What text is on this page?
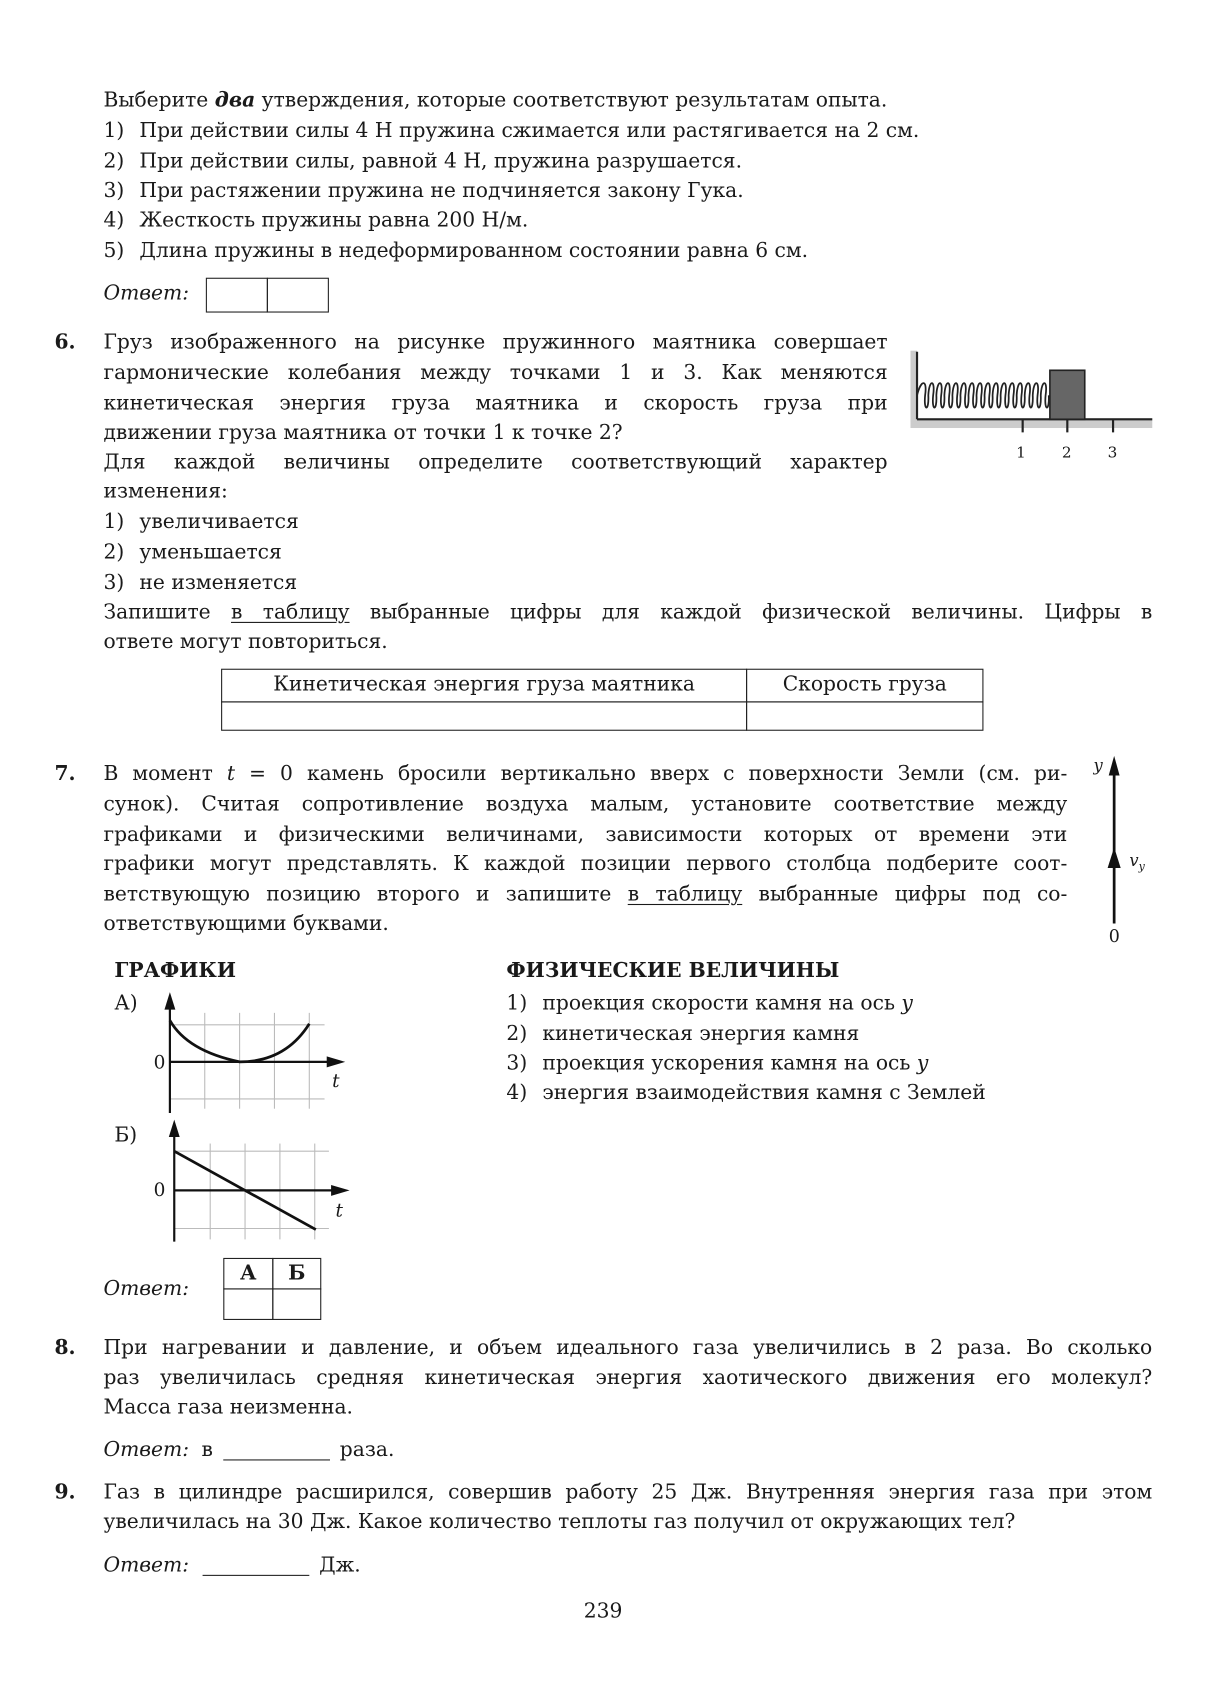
Выберите два утверждения, которые соответствуют результатам опыта.
1) При действии силы 4 Н пружина сжимается или растягивается на 2 см.
2) При действии силы, равной 4 Н, пружина разрушается.
3) При растяжении пружина не подчиняется закону Гука.
4) Жесткость пружины равна 200 Н/м.
5) Длина пружины в недеформированном состоянии равна 6 см.
Ответ:
6. Груз изображенного на рисунке пружинного маятника совершает
гармонические колебания между точками 1 и 3. Как меняются
кинетическая энергия груза маятника и скорость груза при
движении груза маятника от точки 1 к точке 2?
Для каждой величины определите соответствующий характер
изменения:
1) увеличивается
2) уменьшается
3) не изменяется
Запишите в таблицу выбранные цифры для каждой физической величины. Цифры в
ответе могут повториться.
Кинетическая энергия груза маятника	Скорость груза
1	2	3
7. В момент t = 0 камень бросили вертикально вверх с поверхности Земли (см. ри-
сунок). Считая сопротивление воздуха малым, установите соответствие между
графиками и физическими величинами, зависимости которых от времени эти
графики могут представлять. К каждой позиции первого столбца подберите соот-
ветствующую позицию второго и запишите в таблицу выбранные цифры под со-
ответствующими буквами.
y
$v_y$
0
ГРАФИКИ	ФИЗИЧЕСКИЕ ВЕЛИЧИНЫ
1) проекция скорости камня на ось y
2) кинетическая энергия камня
3) проекция ускорения камня на ось y
4) энергия взаимодействия камня с Землей
А)
0
t
Б)
0
t
Ответ:
А	Б
8. При нагревании и давление, и объем идеального газа увеличились в 2 раза. Во сколько
раз увеличилась средняя кинетическая энергия хаотического движения его молекул?
Масса газа неизменна.
Ответ: в	раза.
9. Газ в цилиндре расширился, совершив работу 25 Дж. Внутренняя энергия газа при этом
увеличилась на 30 Дж. Какое количество теплоты газ получил от окружающих тел?
Ответ:	Дж.
239
